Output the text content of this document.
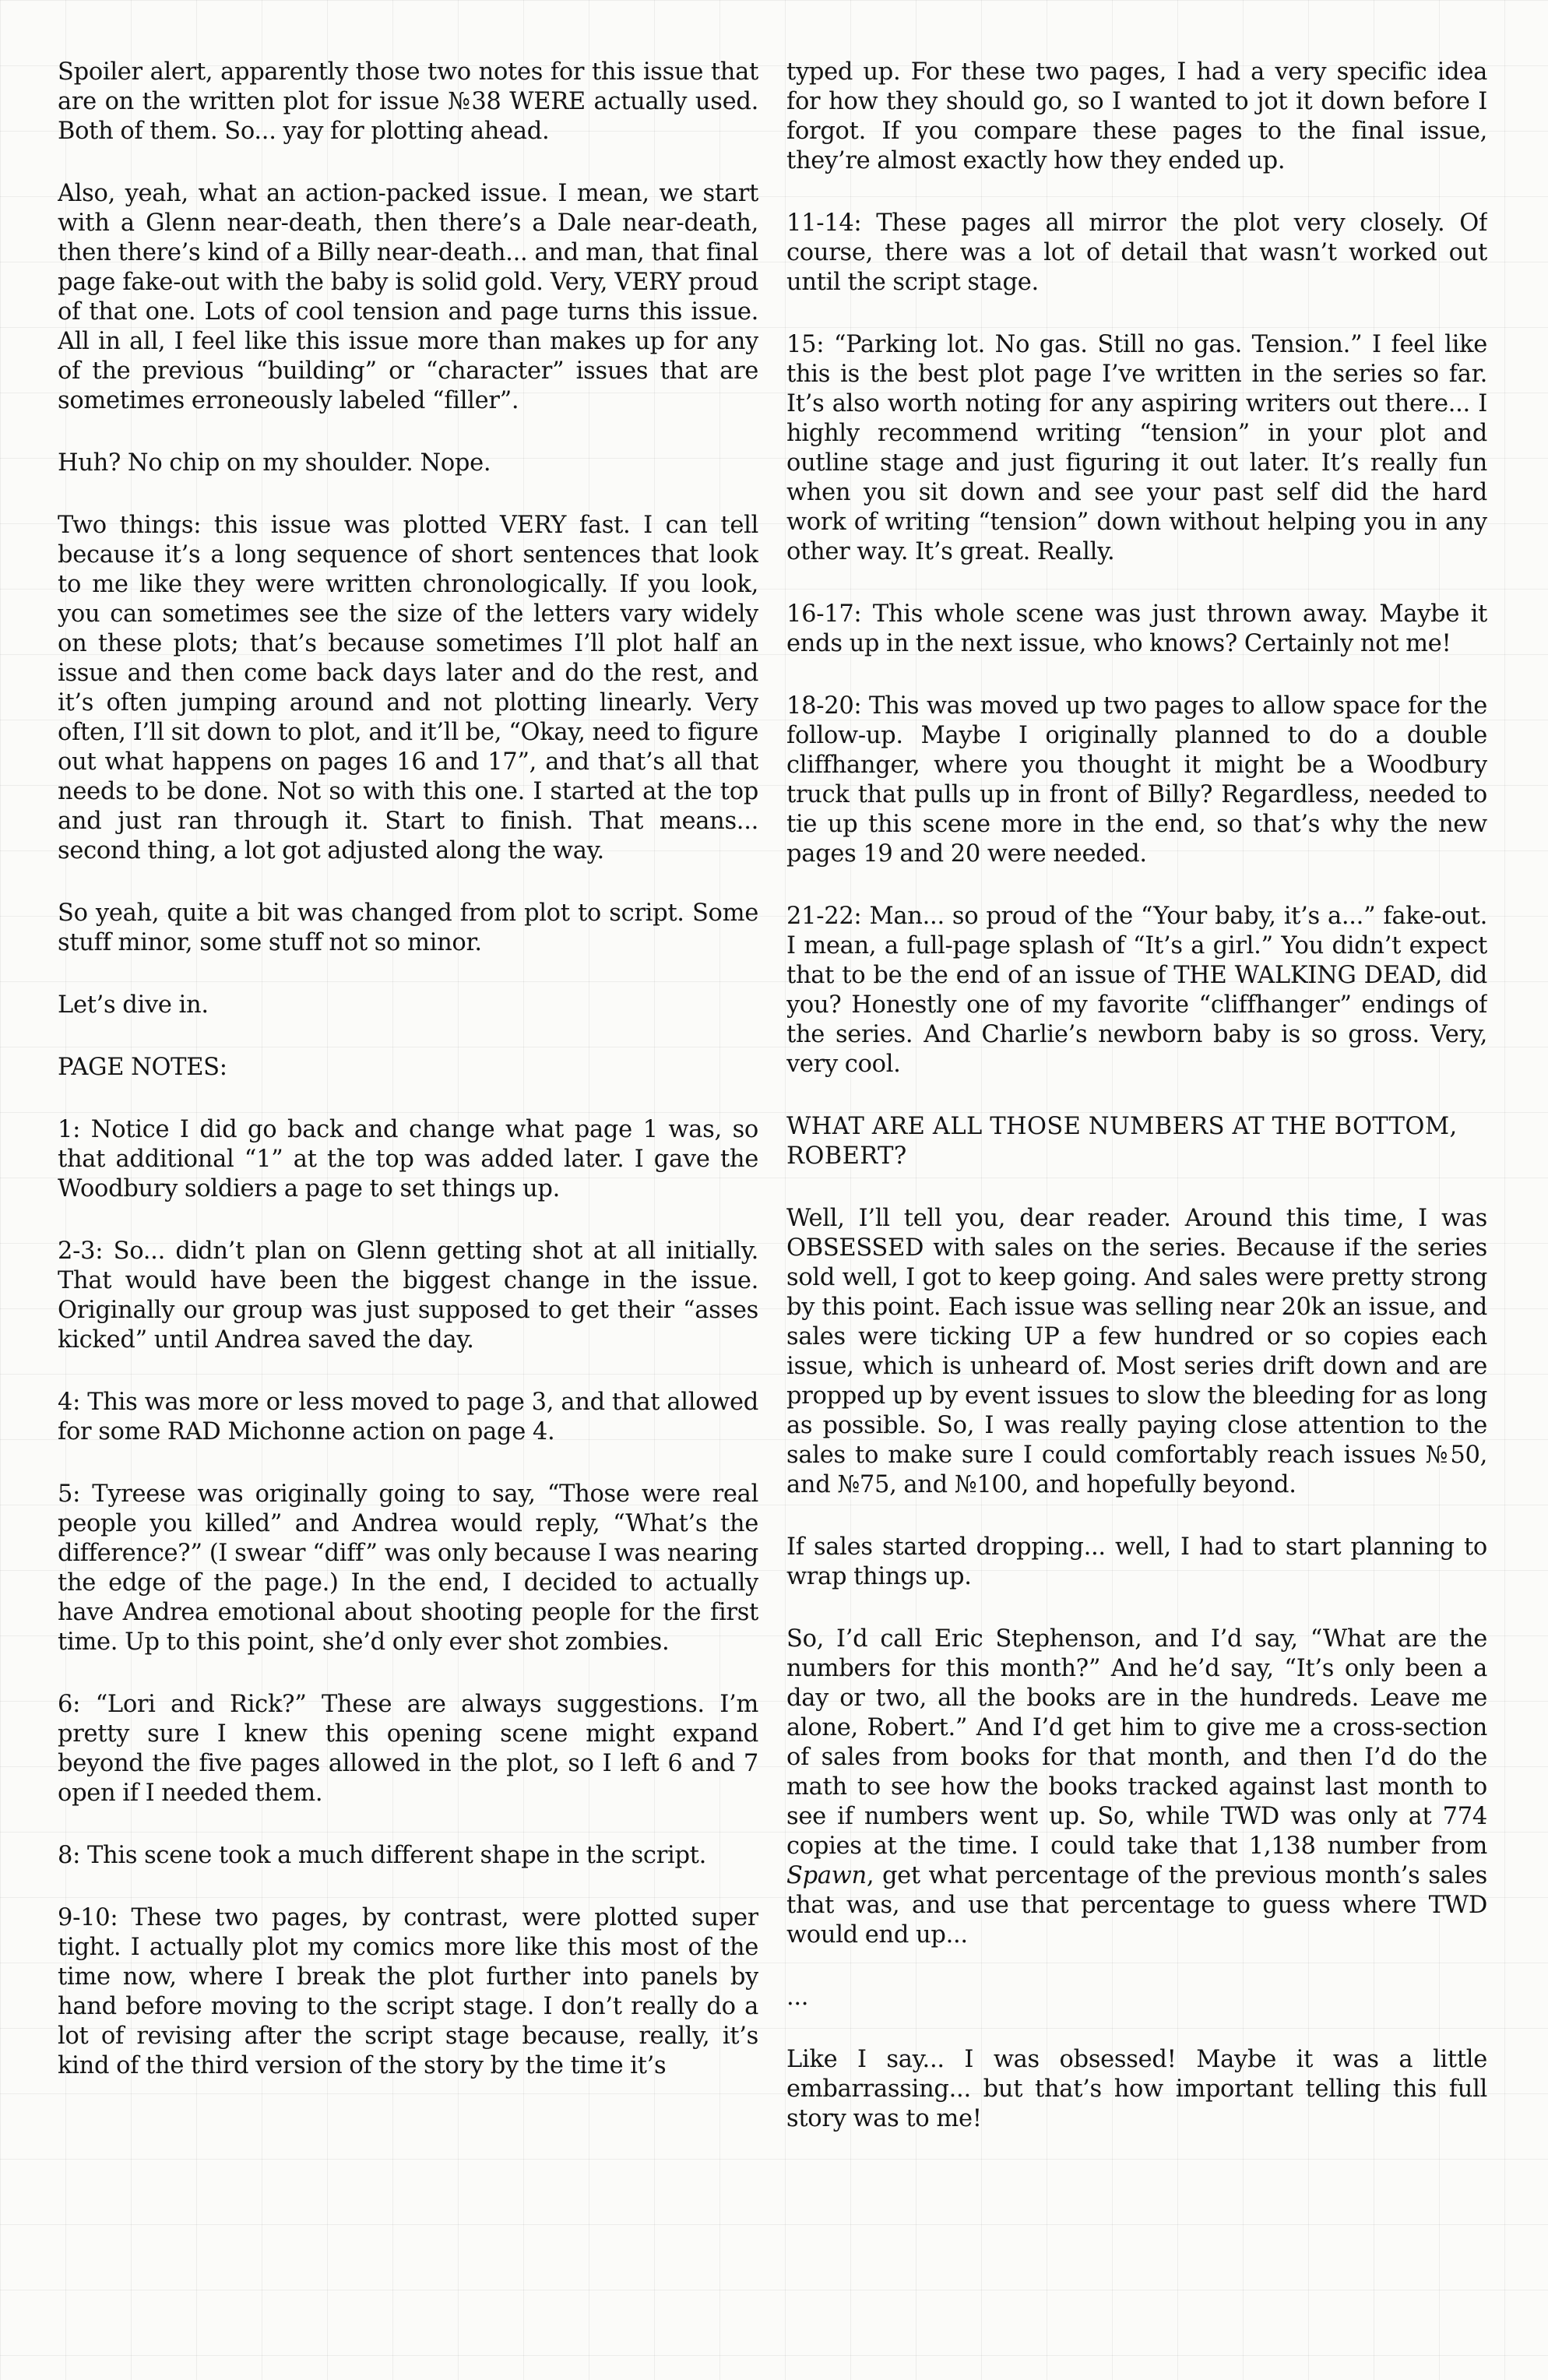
Spoiler alert, apparently those two notes for this issue that are on the written plot for issue №38 WERE actually used. Both of them. So... yay for plotting ahead.

Also, yeah, what an action-packed issue. I mean, we start with a Glenn near-death, then there’s a Dale near-death, then there’s kind of a Billy near-death... and man, that final page fake-out with the baby is solid gold. Very, VERY proud of that one. Lots of cool tension and page turns this issue. All in all, I feel like this issue more than makes up for any of the previous “building” or “character” issues that are sometimes erroneously labeled “filler”.

Huh? No chip on my shoulder. Nope.

Two things: this issue was plotted VERY fast. I can tell because it’s a long sequence of short sentences that look to me like they were written chronologically. If you look, you can sometimes see the size of the letters vary widely on these plots; that’s because sometimes I’ll plot half an issue and then come back days later and do the rest, and it’s often jumping around and not plotting linearly. Very often, I’ll sit down to plot, and it’ll be, “Okay, need to figure out what happens on pages 16 and 17”, and that’s all that needs to be done. Not so with this one. I started at the top and just ran through it. Start to finish. That means... second thing, a lot got adjusted along the way.

So yeah, quite a bit was changed from plot to script. Some stuff minor, some stuff not so minor.

Let’s dive in.

PAGE NOTES:

1: Notice I did go back and change what page 1 was, so that additional “1” at the top was added later. I gave the Woodbury soldiers a page to set things up.

2-3: So... didn’t plan on Glenn getting shot at all initially. That would have been the biggest change in the issue. Originally our group was just supposed to get their “asses kicked” until Andrea saved the day.

4: This was more or less moved to page 3, and that allowed for some RAD Michonne action on page 4.

5: Tyreese was originally going to say, “Those were real people you killed” and Andrea would reply, “What’s the difference?” (I swear “diff” was only because I was nearing the edge of the page.) In the end, I decided to actually have Andrea emotional about shooting people for the first time. Up to this point, she’d only ever shot zombies.

6: “Lori and Rick?” These are always suggestions. I’m pretty sure I knew this opening scene might expand beyond the five pages allowed in the plot, so I left 6 and 7 open if I needed them.

8: This scene took a much different shape in the script.

9-10: These two pages, by contrast, were plotted super tight. I actually plot my comics more like this most of the time now, where I break the plot further into panels by hand before moving to the script stage. I don’t really do a lot of revising after the script stage because, really, it’s kind of the third version of the story by the time it’s

typed up. For these two pages, I had a very specific idea for how they should go, so I wanted to jot it down before I forgot. If you compare these pages to the final issue, they’re almost exactly how they ended up.

11-14: These pages all mirror the plot very closely. Of course, there was a lot of detail that wasn’t worked out until the script stage.

15: “Parking lot. No gas. Still no gas. Tension.” I feel like this is the best plot page I’ve written in the series so far. It’s also worth noting for any aspiring writers out there... I highly recommend writing “tension” in your plot and outline stage and just figuring it out later. It’s really fun when you sit down and see your past self did the hard work of writing “tension” down without helping you in any other way. It’s great. Really.

16-17: This whole scene was just thrown away. Maybe it ends up in the next issue, who knows? Certainly not me!

18-20: This was moved up two pages to allow space for the follow-up. Maybe I originally planned to do a double cliffhanger, where you thought it might be a Woodbury truck that pulls up in front of Billy? Regardless, needed to tie up this scene more in the end, so that’s why the new pages 19 and 20 were needed.

21-22: Man... so proud of the “Your baby, it’s a...” fake-out. I mean, a full-page splash of “It’s a girl.” You didn’t expect that to be the end of an issue of THE WALKING DEAD, did you? Honestly one of my favorite “cliffhanger” endings of the series. And Charlie’s newborn baby is so gross. Very, very cool.

WHAT ARE ALL THOSE NUMBERS AT THE BOTTOM, ROBERT?

Well, I’ll tell you, dear reader. Around this time, I was OBSESSED with sales on the series. Because if the series sold well, I got to keep going. And sales were pretty strong by this point. Each issue was selling near 20k an issue, and sales were ticking UP a few hundred or so copies each issue, which is unheard of. Most series drift down and are propped up by event issues to slow the bleeding for as long as possible. So, I was really paying close attention to the sales to make sure I could comfortably reach issues №50, and №75, and №100, and hopefully beyond.

If sales started dropping... well, I had to start planning to wrap things up.

So, I’d call Eric Stephenson, and I’d say, “What are the numbers for this month?” And he’d say, “It’s only been a day or two, all the books are in the hundreds. Leave me alone, Robert.” And I’d get him to give me a cross-section of sales from books for that month, and then I’d do the math to see how the books tracked against last month to see if numbers went up. So, while TWD was only at 774 copies at the time. I could take that 1,138 number from Spawn, get what percentage of the previous month’s sales that was, and use that percentage to guess where TWD would end up...

...

Like I say... I was obsessed! Maybe it was a little embarrassing... but that’s how important telling this full story was to me!
